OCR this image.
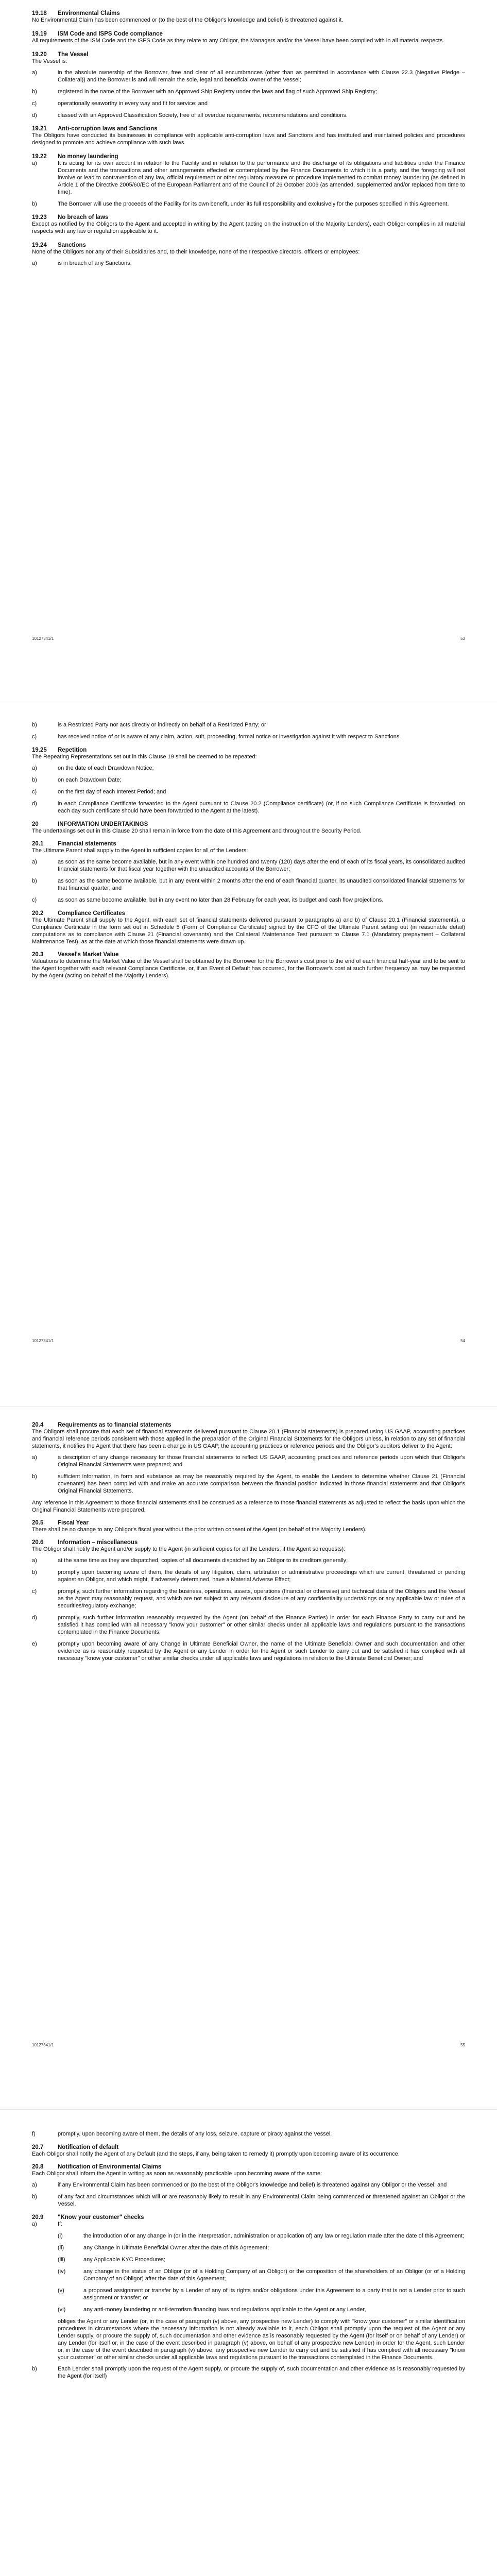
19.18 Environmental Claims

No Environmental Claim has been commenced or (to the best of the Obligor's knowledge and belief) is threatened against it.

19.19 ISM Code and ISPS Code compliance

All requirements of the ISM Code and the ISPS Code as they relate to any Obligor, the Managers and/or the Vessel have been complied with in all material respects.

19.20 The Vessel

The Vessel is:

a)	in the absolute ownership of the Borrower, free and clear of all encumbrances (other than as permitted in accordance with Clause 22.3 (Negative Pledge – Collateral)) and the Borrower is and will remain the sole, legal and beneficial owner of the Vessel;
b)	registered in the name of the Borrower with an Approved Ship Registry under the laws and flag of such Approved Ship Registry;
c)	operationally seaworthy in every way and fit for service; and
d)	classed with an Approved Classification Society, free of all overdue requirements, recommendations and conditions.
19.21 Anti-corruption laws and Sanctions

The Obligors have conducted its businesses in compliance with applicable anti-corruption laws and Sanctions and has instituted and maintained policies and procedures designed to promote and achieve compliance with such laws.

19.22 No money laundering
a)	It is acting for its own account in relation to the Facility and in relation to the performance and the discharge of its obligations and liabilities under the Finance Documents and the transactions and other arrangements effected or contemplated by the Finance Documents to which it is a party, and the foregoing will not involve or lead to contravention of any law, official requirement or other regulatory measure or procedure implemented to combat money laundering (as defined in Article 1 of the Directive 2005/60/EC of the European Parliament and of the Council of 26 October 2006 (as amended, supplemented and/or replaced from time to time).
b)	The Borrower will use the proceeds of the Facility for its own benefit, under its full responsibility and exclusively for the purposes specified in this Agreement.
19.23 No breach of laws

Except as notified by the Obligors to the Agent and accepted in writing by the Agent (acting on the instruction of the Majority Lenders), each Obligor complies in all material respects with any law or regulation applicable to it.

19.24 Sanctions

None of the Obligors nor any of their Subsidiaries and, to their knowledge, none of their respective directors, officers or employees:

a)	is in breach of any Sanctions;
10127341/1	53
b)	is a Restricted Party nor acts directly or indirectly on behalf of a Restricted Party; or
c)	has received notice of or is aware of any claim, action, suit, proceeding, formal notice or investigation against it with respect to Sanctions.
19.25 Repetition

The Repeating Representations set out in this Clause 19 shall be deemed to be repeated:

a)	on the date of each Drawdown Notice;
b)	on each Drawdown Date;
c)	on the first day of each Interest Period; and
d)	in each Compliance Certificate forwarded to the Agent pursuant to Clause 20.2 (Compliance certificate) (or, if no such Compliance Certificate is forwarded, on each day such certificate should have been forwarded to the Agent at the latest).
20	INFORMATION UNDERTAKINGS

The undertakings set out in this Clause 20 shall remain in force from the date of this Agreement and throughout the Security Period.

20.1 Financial statements

The Ultimate Parent shall supply to the Agent in sufficient copies for all of the Lenders:

a)	as soon as the same become available, but in any event within one hundred and twenty (120) days after the end of each of its fiscal years, its consolidated audited financial statements for that fiscal year together with the unaudited accounts of the Borrower;
b)	as soon as the same become available, but in any event within 2 months after the end of each financial quarter, its unaudited consolidated financial statements for that financial quarter; and
c)	as soon as same become available, but in any event no later than 28 February for each year, its budget and cash flow projections.
20.2 Compliance Certificates

The Ultimate Parent shall supply to the Agent, with each set of financial statements delivered pursuant to paragraphs a) and b) of Clause 20.1 (Financial statements), a Compliance Certificate in the form set out in Schedule 5 (Form of Compliance Certificate) signed by the CFO of the Ultimate Parent setting out (in reasonable detail) computations as to compliance with Clause 21 (Financial covenants) and the Collateral Maintenance Test pursuant to Clause 7.1 (Mandatory prepayment – Collateral Maintenance Test), as at the date at which those financial statements were drawn up.

20.3 Vessel's Market Value

Valuations to determine the Market Value of the Vessel shall be obtained by the Borrower for the Borrower's cost prior to the end of each financial half-year and to be sent to the Agent together with each relevant Compliance Certificate, or, if an Event of Default has occurred, for the Borrower's cost at such further frequency as may be requested by the Agent (acting on behalf of the Majority Lenders).

10127341/1	54
20.4 Requirements as to financial statements

The Obligors shall procure that each set of financial statements delivered pursuant to Clause 20.1 (Financial statements) is prepared using US GAAP, accounting practices and financial reference periods consistent with those applied in the preparation of the Original Financial Statements for the Obligors unless, in relation to any set of financial statements, it notifies the Agent that there has been a change in US GAAP, the accounting practices or reference periods and the Obligor's auditors deliver to the Agent:

a)	a description of any change necessary for those financial statements to reflect US GAAP, accounting practices and reference periods upon which that Obligor's Original Financial Statements were prepared; and
b)	sufficient information, in form and substance as may be reasonably required by the Agent, to enable the Lenders to determine whether Clause 21 (Financial covenants) has been complied with and make an accurate comparison between the financial position indicated in those financial statements and that Obligor's Original Financial Statements.

Any reference in this Agreement to those financial statements shall be construed as a reference to those financial statements as adjusted to reflect the basis upon which the Original Financial Statements were prepared.

20.5 Fiscal Year

There shall be no change to any Obligor's fiscal year without the prior written consent of the Agent (on behalf of the Majority Lenders).

20.6 Information – miscellaneous

The Obligor shall notify the Agent and/or supply to the Agent (in sufficient copies for all the Lenders, if the Agent so requests):

a)	at the same time as they are dispatched, copies of all documents dispatched by an Obligor to its creditors generally;
b)	promptly upon becoming aware of them, the details of any litigation, claim, arbitration or administrative proceedings which are current, threatened or pending against an Obligor, and which might, if adversely determined, have a Material Adverse Effect;
c)	promptly, such further information regarding the business, operations, assets, operations (financial or otherwise) and technical data of the Obligors and the Vessel as the Agent may reasonably request, and which are not subject to any relevant disclosure of any confidentiality undertakings or any applicable law or rules of a securities/regulatory exchange;
d)	promptly, such further information reasonably requested by the Agent (on behalf of the Finance Parties) in order for each Finance Party to carry out and be satisfied it has complied with all necessary "know your customer" or other similar checks under all applicable laws and regulations pursuant to the transactions contemplated in the Finance Documents;
e)	promptly upon becoming aware of any Change in Ultimate Beneficial Owner, the name of the Ultimate Beneficial Owner and such documentation and other evidence as is reasonably requested by the Agent or any Lender in order for the Agent or such Lender to carry out and be satisfied it has complied with all necessary "know your customer" or other similar checks under all applicable laws and regulations in relation to the Ultimate Beneficial Owner; and
10127341/1	55
f)	promptly, upon becoming aware of them, the details of any loss, seizure, capture or piracy against the Vessel.
20.7 Notification of default

Each Obligor shall notify the Agent of any Default (and the steps, if any, being taken to remedy it) promptly upon becoming aware of its occurrence.

20.8 Notification of Environmental Claims

Each Obligor shall inform the Agent in writing as soon as reasonably practicable upon becoming aware of the same:

a)	if any Environmental Claim has been commenced or (to the best of the Obligor's knowledge and belief) is threatened against any Obligor or the Vessel; and
b)	of any fact and circumstances which will or are reasonably likely to result in any Environmental Claim being commenced or threatened against an Obligor or the Vessel.
20.9 "Know your customer" checks
a)	If:
(i)	the introduction of or any change in (or in the interpretation, administration or application of) any law or regulation made after the date of this Agreement;
(ii)	any Change in Ultimate Beneficial Owner after the date of this Agreement;
(iii)	any Applicable KYC Procedures;
(iv)	any change in the status of an Obligor (or of a Holding Company of an Obligor) or the composition of the shareholders of an Obligor (or of a Holding Company of an Obligor) after the date of this Agreement;
(v)	a proposed assignment or transfer by a Lender of any of its rights and/or obligations under this Agreement to a party that is not a Lender prior to such assignment or transfer; or
(vi)	any anti-money laundering or anti-terrorism financing laws and regulations applicable to the Agent or any Lender,

obliges the Agent or any Lender (or, in the case of paragraph (v) above, any prospective new Lender) to comply with "know your customer" or similar identification procedures in circumstances where the necessary information is not already available to it, each Obligor shall promptly upon the request of the Agent or any Lender supply, or procure the supply of, such documentation and other evidence as is reasonably requested by the Agent (for itself or on behalf of any Lender) or any Lender (for itself or, in the case of the event described in paragraph (v) above, on behalf of any prospective new Lender) in order for the Agent, such Lender or, in the case of the event described in paragraph (v) above, any prospective new Lender to carry out and be satisfied it has complied with all necessary "know your customer" or other similar checks under all applicable laws and regulations pursuant to the transactions contemplated in the Finance Documents.

b)	Each Lender shall promptly upon the request of the Agent supply, or procure the supply of, such documentation and other evidence as is reasonably requested by the Agent (for itself)
